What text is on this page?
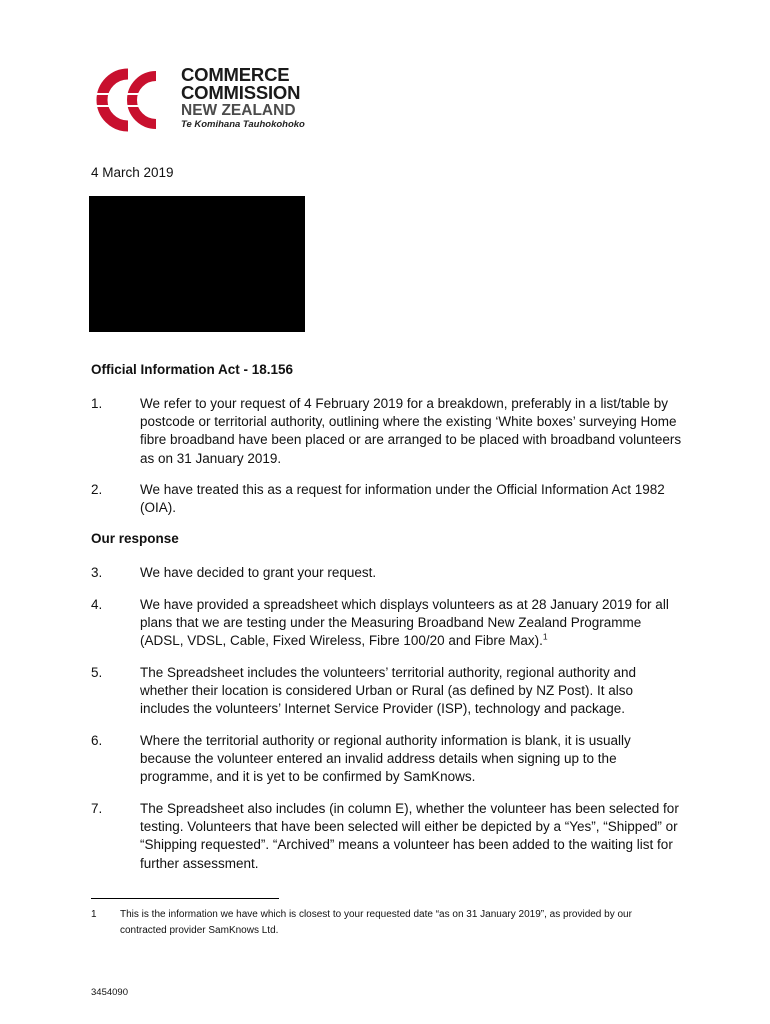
COMMERCE
COMMISSION
NEW ZEALAND
Te Komihana Tauhokohoko
4 March 2019
Official Information Act - 18.156
1.	We refer to your request of 4 February 2019 for a breakdown, preferably in a list/table by postcode or territorial authority, outlining where the existing ‘White boxes’ surveying Home fibre broadband have been placed or are arranged to be placed with broadband volunteers as on 31 January 2019.
2.	We have treated this as a request for information under the Official Information Act 1982 (OIA).
Our response
3.	We have decided to grant your request.
4.	We have provided a spreadsheet which displays volunteers as at 28 January 2019 for all plans that we are testing under the Measuring Broadband New Zealand Programme (ADSL, VDSL, Cable, Fixed Wireless, Fibre 100/20 and Fibre Max).$^1$
5.	The Spreadsheet includes the volunteers’ territorial authority, regional authority and whether their location is considered Urban or Rural (as defined by NZ Post). It also includes the volunteers’ Internet Service Provider (ISP), technology and package.
6.	Where the territorial authority or regional authority information is blank, it is usually because the volunteer entered an invalid address details when signing up to the programme, and it is yet to be confirmed by SamKnows.
7.	The Spreadsheet also includes (in column E), whether the volunteer has been selected for testing. Volunteers that have been selected will either be depicted by a “Yes”, “Shipped” or “Shipping requested”. “Archived” means a volunteer has been added to the waiting list for further assessment.
1 This is the information we have which is closest to your requested date “as on 31 January 2019”, as provided by our contracted provider SamKnows Ltd.
3454090
